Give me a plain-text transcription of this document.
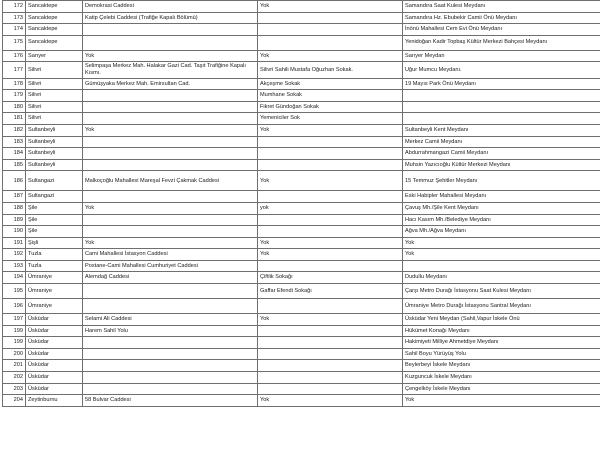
172	Sancaktepe	Demokrasi Caddesi	Yok	Samandıra Saat Kulesi Meydanı
173	Sancaktepe	Katip Çelebi Caddesi (Trafiğe Kapalı Bölümü)		Samandıra Hz. Ebubekir Camii Önü Meydanı
174	Sancaktepe			İnönü Mahallesi Cem Evi Önü Meydanı
175	Sancaktepe			Yenidoğan Kadir Topbaş Kültür Merkezi Bahçesi Meydanı
176	Sarıyer	Yok	Yok	Sarıyer Meydan
177	Silivri	Selimpaşa Merkez Mah. Halakar Gazi Cad. Taşıt Trafiğine Kapalı Kısmı.	Silivri Sahili Mustafa Oğuzhan Sokak.	Uğur Mumcu Meydanı.
178	Silivri	Gümüşyaka Merkez Mah. Emirsultan Cad.	Akçeşme Sokak	19 Mayıs Park Önü Meydanı
179	Silivri		Mumhane Sokak	
180	Silivri		Fikret Gündoğan Sokak	
181	Silivri		Yemeniciler Sok	
182	Sultanbeyli	Yok	Yok	Sultanbeyli Kent Meydanı
183	Sultanbeyli			Merkez Camii Meydanı
184	Sultanbeyli			Abdurrahmangazi Camii Meydanı
185	Sultanbeyli			Muhsin Yazıcıoğlu Kültür Merkezi Meydanı
186	Sultangazi	Malkoçoğlu Mahallesi Mareşal Fevzi Çakmak Caddesi	Yok	15 Temmuz Şehitler Meydanı
187	Sultangazi			Eski Habipler Mahallesi Meydanı
188	Şile	Yok	yok	Çavuş Mh./Şile Kent Meydanı
189	Şile			Hacı Kasım Mh./Belediye Meydanı
190	Şile			Ağva Mh./Ağva Meydanı
191	Şişli	Yok	Yok	Yok
192	Tuzla	Cami Mahallesi İstasyon Caddesi	Yok	Yok
193	Tuzla	Postane-Cami Mahallesi Cumhuriyet Caddesi		
194	Ümraniye	Alemdağ Caddesi	Çiftlik Sokağı	Dudullu Meydanı
195	Ümraniye		Gaffar Efendi Sokağı	Çarşı Metro Durağı İstasyonu Saat Kulesi Meydanı
196	Ümraniye			Ümraniye Metro Durağı İstasyonu Santral Meydanı
197	Üsküdar	Selami Ali Caddesi	Yok	Üsküdar Yeni Meydan (Sahil,Vapur İskele Önü
199	Üsküdar	Harem Sahil Yolu		Hükümet Konağı Meydanı
199	Üsküdar			Hakimiyeti Milliye Ahmetdiye Meydanı
200	Üsküdar			Sahil Boyu Yürüyüş Yolu
201	Üsküdar			Beylerbeyi İskele Meydanı
202	Üsküdar			Kuzguncuk İskele Meydanı
203	Üsküdar			Çengelköy İskele Meydanı
204	Zeytinburnu	58 Bulvar Caddesi	Yok	Yok
